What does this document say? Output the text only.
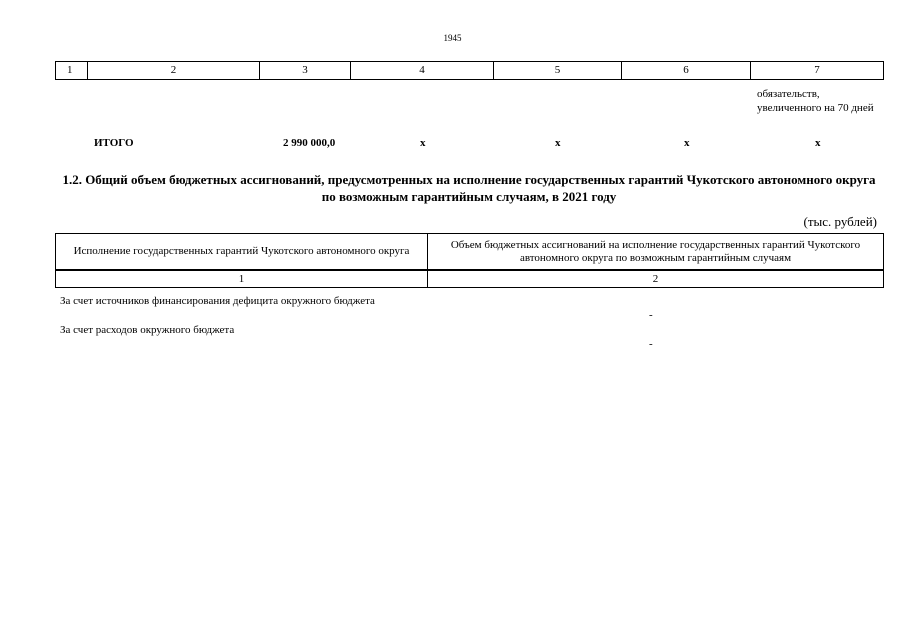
1945
1	2	3	4	5	6	7
обязательств, увеличенного на 70 дней
ИТОГО	2 990 000,0	х	х	х	х
1.2. Общий объем бюджетных ассигнований, предусмотренных на исполнение государственных гарантий Чукотского автономного округа по возможным гарантийным случаям, в 2021 году
(тыс. рублей)
Исполнение государственных гарантий Чукотского автономного округа	Объем бюджетных ассигнований на исполнение государственных гарантий Чукотского автономного округа по возможным гарантийным случаям

1	2
За счет источников финансирования дефицита окружного бюджета
-
За счет расходов окружного бюджета
-
